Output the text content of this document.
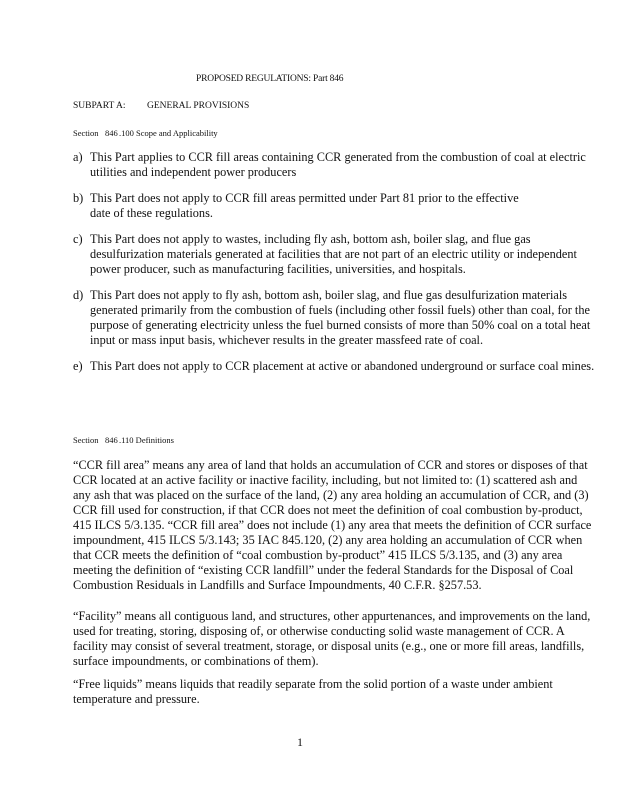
PROPOSED REGULATIONS: Part 846
SUBPART A: GENERAL PROVISIONS
Section 846.100 Scope and Applicability
a) This Part applies to CCR fill areas containing CCR generated from the combustion of coal at electric utilities and independent power producers
b) This Part does not apply to CCR fill areas permitted under Part 81 prior to the effective date of these regulations.
c) This Part does not apply to wastes, including fly ash, bottom ash, boiler slag, and flue gas desulfurization materials generated at facilities that are not part of an electric utility or independent power producer, such as manufacturing facilities, universities, and hospitals.
d) This Part does not apply to fly ash, bottom ash, boiler slag, and flue gas desulfurization materials generated primarily from the combustion of fuels (including other fossil fuels) other than coal, for the purpose of generating electricity unless the fuel burned consists of more than 50% coal on a total heat input or mass input basis, whichever results in the greater massfeed rate of coal.
e) This Part does not apply to CCR placement at active or abandoned underground or surface coal mines.
Section 846.110 Definitions
“CCR fill area” means any area of land that holds an accumulation of CCR and stores or disposes of that CCR located at an active facility or inactive facility, including, but not limited to: (1) scattered ash and any ash that was placed on the surface of the land, (2) any area holding an accumulation of CCR, and (3) CCR fill used for construction, if that CCR does not meet the definition of coal combustion by-product, 415 ILCS 5/3.135. “CCR fill area” does not include (1) any area that meets the definition of CCR surface impoundment, 415 ILCS 5/3.143; 35 IAC 845.120, (2) any area holding an accumulation of CCR when that CCR meets the definition of “coal combustion by-product” 415 ILCS 5/3.135, and (3) any area meeting the definition of “existing CCR landfill” under the federal Standards for the Disposal of Coal Combustion Residuals in Landfills and Surface Impoundments, 40 C.F.R. §257.53.
“Facility” means all contiguous land, and structures, other appurtenances, and improvements on the land, used for treating, storing, disposing of, or otherwise conducting solid waste management of CCR. A facility may consist of several treatment, storage, or disposal units (e.g., one or more fill areas, landfills, surface impoundments, or combinations of them).
“Free liquids” means liquids that readily separate from the solid portion of a waste under ambient temperature and pressure.
1
